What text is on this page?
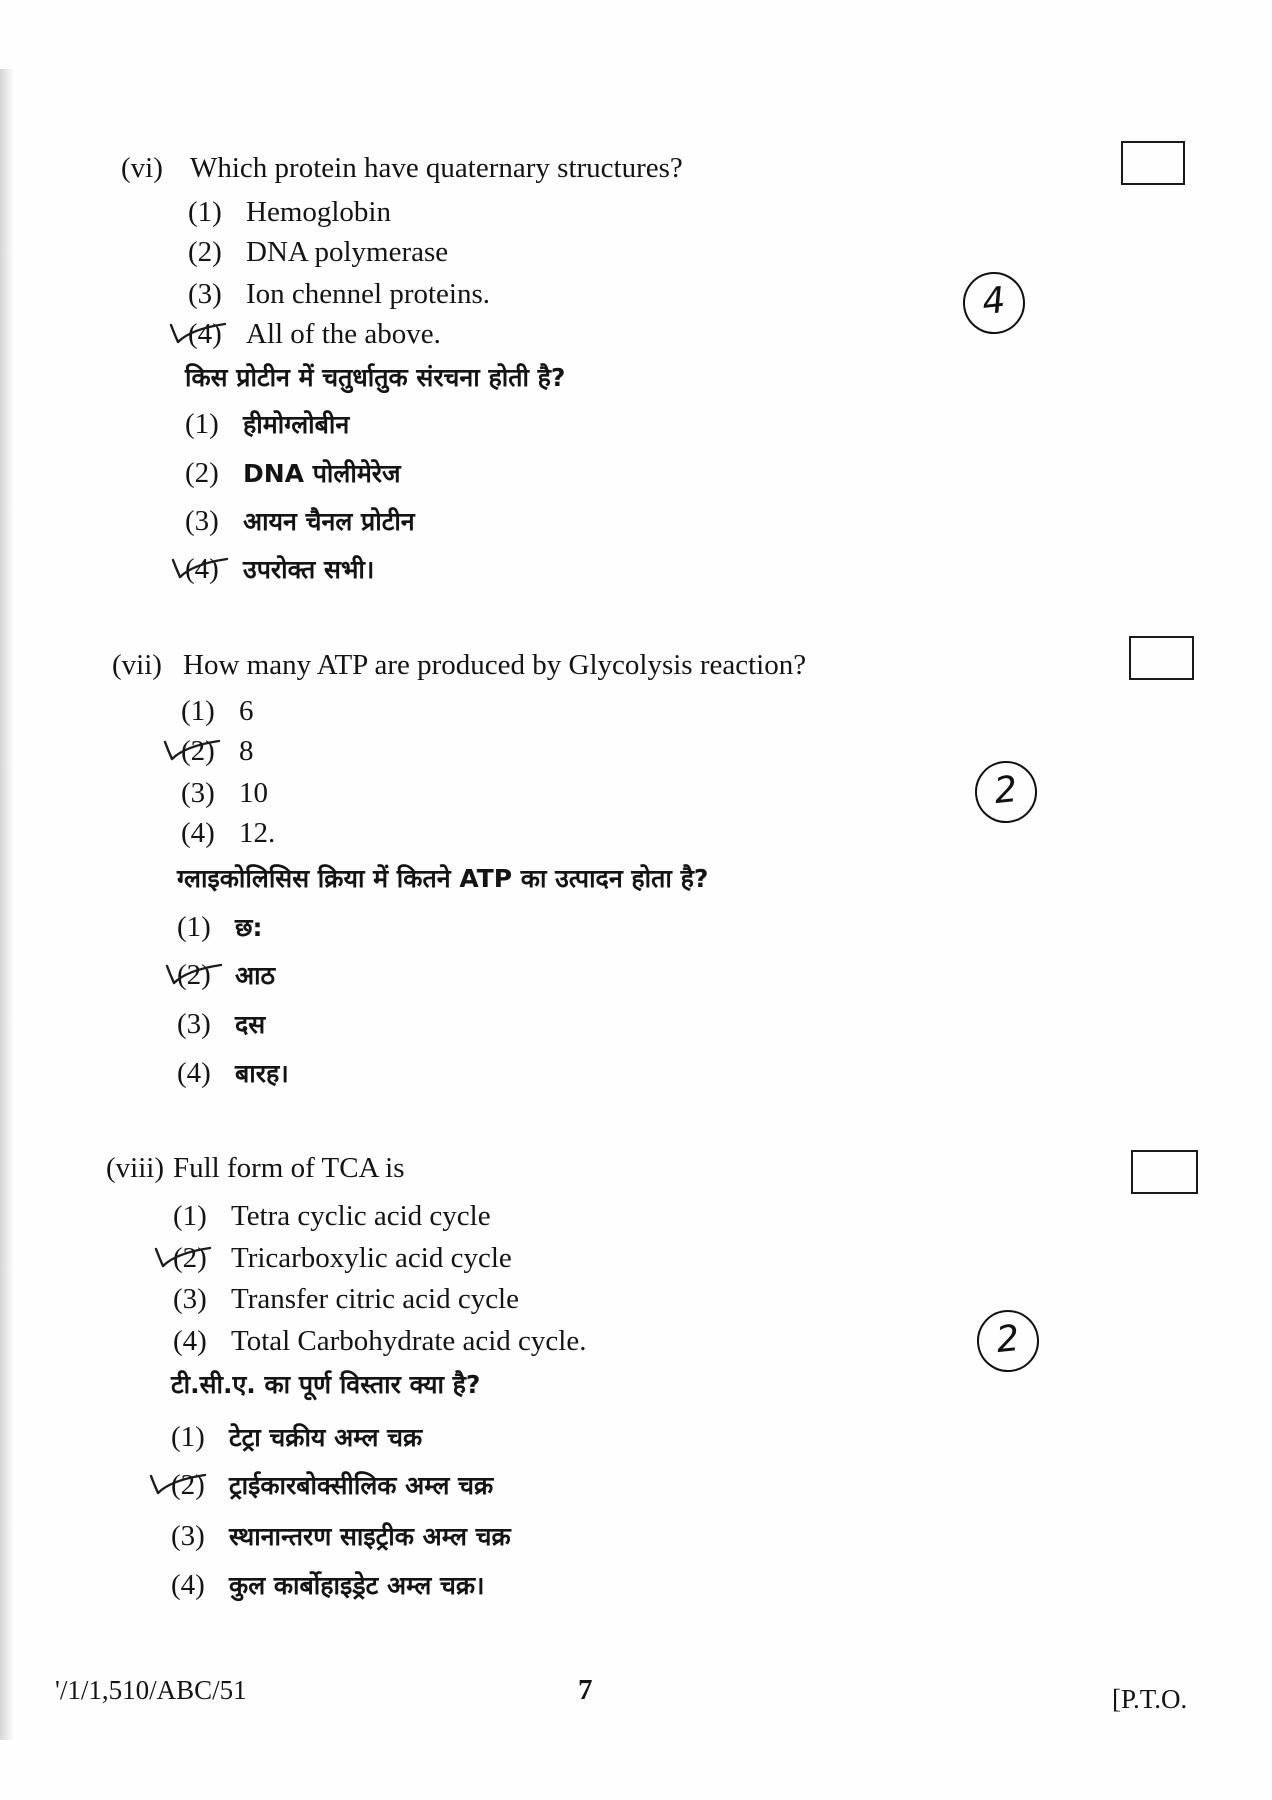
(vi) Which protein have quaternary structures?
(1) Hemoglobin
(2) DNA polymerase
(3) Ion chennel proteins.
(4) All of the above.
4
किस प्रोटीन में चतुर्धातुक संरचना होती है?
(1) हीमोग्लोबीन
(2) DNA पोलीमेरेज
(3) आयन चैनल प्रोटीन
(4) उपरोक्त सभी।
(vii) How many ATP are produced by Glycolysis reaction?
(1) 6
(2) 8
(3) 10
(4) 12.
2
ग्लाइकोलिसिस क्रिया में कितने ATP का उत्पादन होता है?
(1) छ:
(2) आठ
(3) दस
(4) बारह।
(viii) Full form of TCA is
(1) Tetra cyclic acid cycle
(2) Tricarboxylic acid cycle
(3) Transfer citric acid cycle
(4) Total Carbohydrate acid cycle.	2
टी.सी.ए. का पूर्ण विस्तार क्या है?
(1) टेट्रा चक्रीय अम्ल चक्र
(2) ट्राईकारबोक्सीलिक अम्ल चक्र
(3) स्थानान्तरण साइट्रीक अम्ल चक्र
(4) कुल कार्बोहाइड्रेट अम्ल चक्र।
'/1/1,510/ABC/51	7	[P.T.O.
